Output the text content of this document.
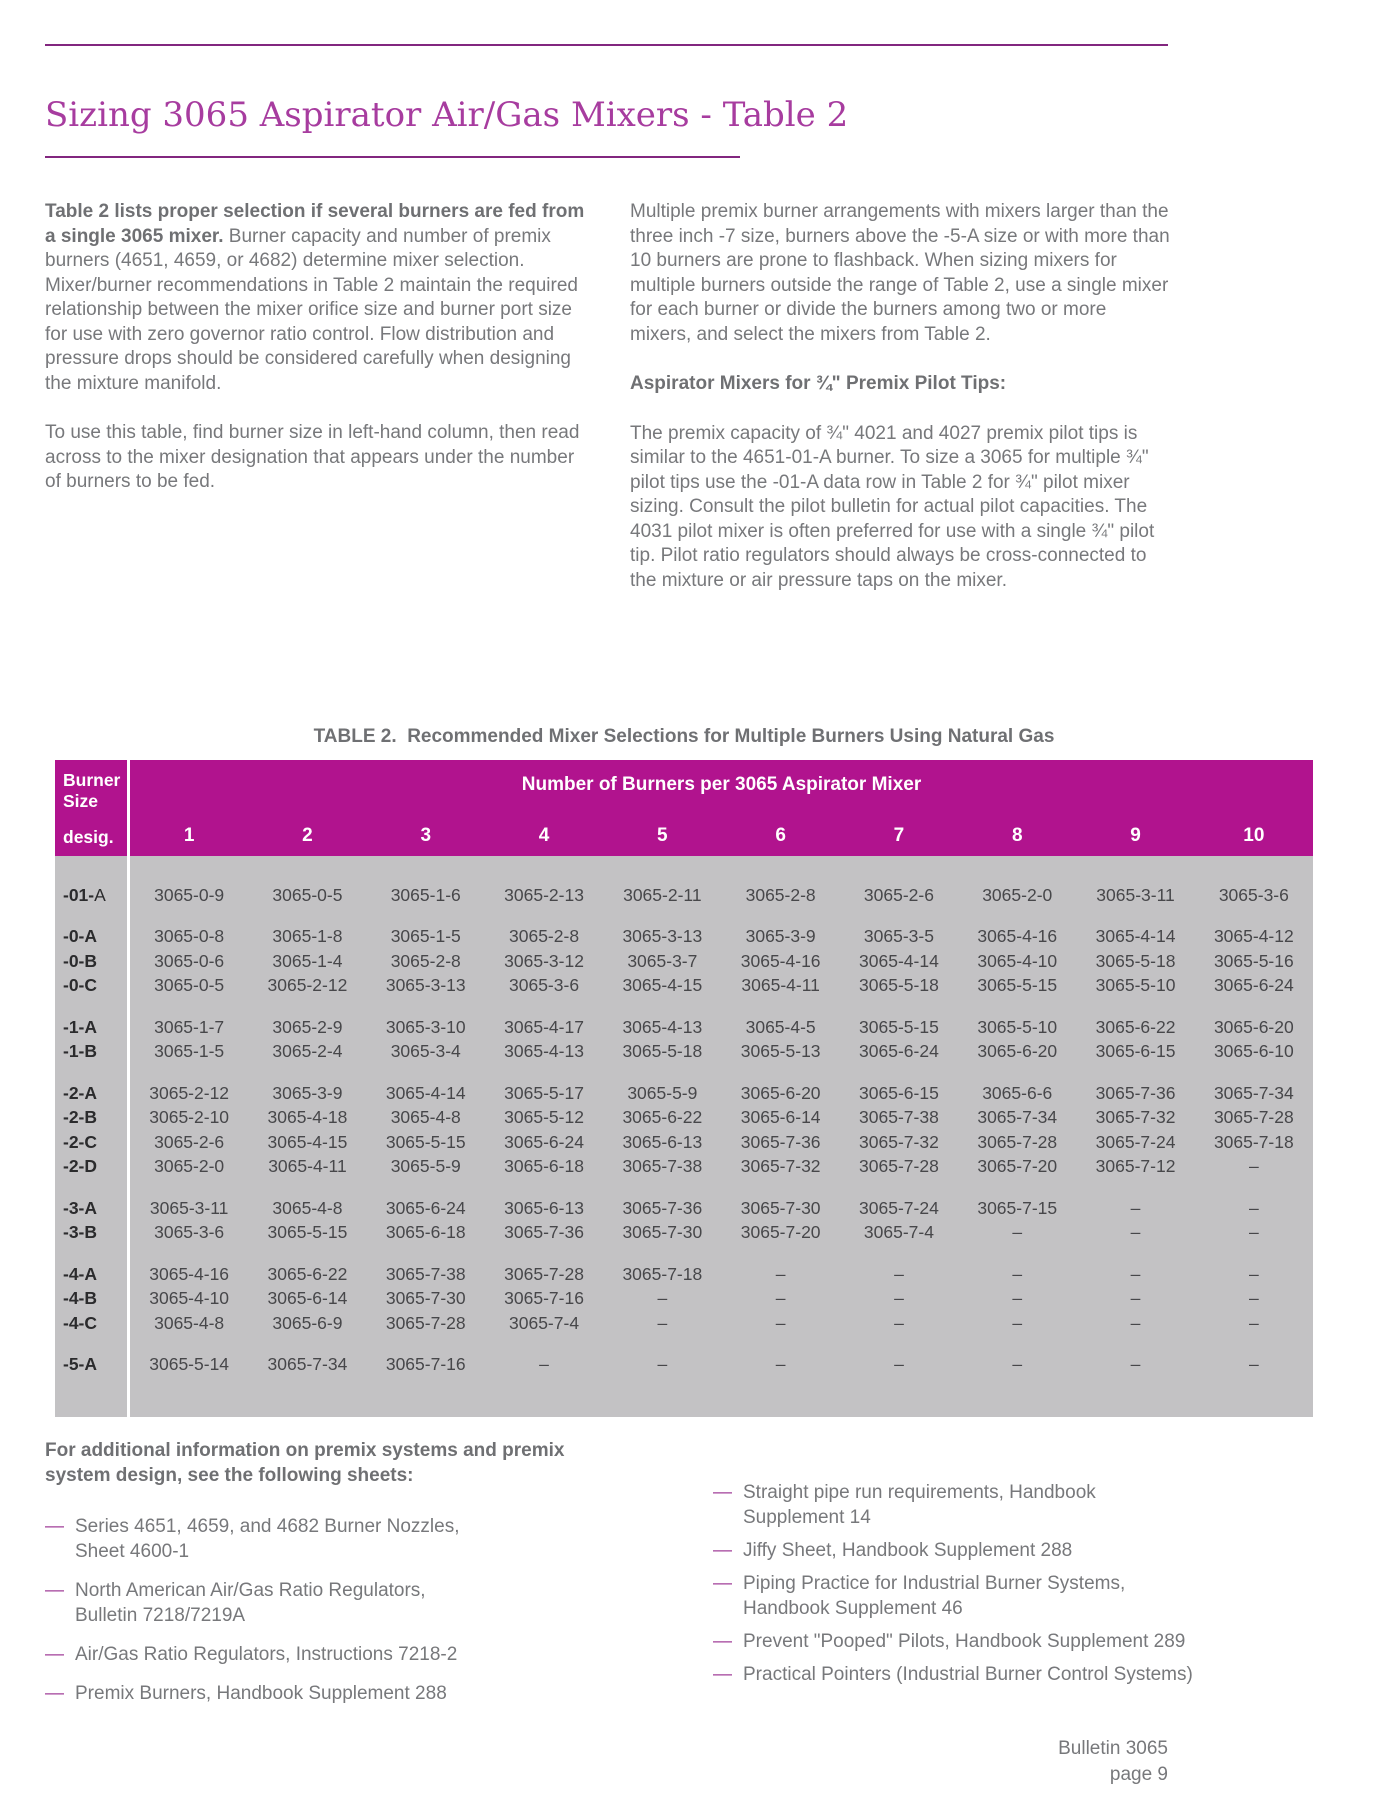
Sizing 3065 Aspirator Air/Gas Mixers - Table 2

Table 2 lists proper selection if several burners are fed from a single 3065 mixer. Burner capacity and number of premix burners (4651, 4659, or 4682) determine mixer selection. Mixer/burner recommendations in Table 2 maintain the required relationship between the mixer orifice size and burner port size for use with zero governor ratio control. Flow distribution and pressure drops should be considered carefully when designing the mixture manifold.

To use this table, find burner size in left-hand column, then read across to the mixer designation that appears under the number of burners to be fed.

Multiple premix burner arrangements with mixers larger than the three inch -7 size, burners above the -5-A size or with more than 10 burners are prone to flashback. When sizing mixers for multiple burners outside the range of Table 2, use a single mixer for each burner or divide the burners among two or more mixers, and select the mixers from Table 2.

Aspirator Mixers for ¾" Premix Pilot Tips:

The premix capacity of ¾" 4021 and 4027 premix pilot tips is similar to the 4651-01-A burner. To size a 3065 for multiple ¾" pilot tips use the -01-A data row in Table 2 for ¾" pilot mixer sizing. Consult the pilot bulletin for actual pilot capacities. The 4031 pilot mixer is often preferred for use with a single ¾" pilot tip. Pilot ratio regulators should always be cross-connected to the mixture or air pressure taps on the mixer.

TABLE 2. Recommended Mixer Selections for Multiple Burners Using Natural Gas
Burner
Size
desig.
Number of Burners per 3065 Aspirator Mixer
1	2	3	4	5	6	7	8	9	10
-01-A	3065-0-9	3065-0-5	3065-1-6	3065-2-13	3065-2-11	3065-2-8	3065-2-6	3065-2-0	3065-3-11	3065-3-6
-0-A	3065-0-8	3065-1-8	3065-1-5	3065-2-8	3065-3-13	3065-3-9	3065-3-5	3065-4-16	3065-4-14	3065-4-12
-0-B	3065-0-6	3065-1-4	3065-2-8	3065-3-12	3065-3-7	3065-4-16	3065-4-14	3065-4-10	3065-5-18	3065-5-16
-0-C	3065-0-5	3065-2-12	3065-3-13	3065-3-6	3065-4-15	3065-4-11	3065-5-18	3065-5-15	3065-5-10	3065-6-24
-1-A	3065-1-7	3065-2-9	3065-3-10	3065-4-17	3065-4-13	3065-4-5	3065-5-15	3065-5-10	3065-6-22	3065-6-20
-1-B	3065-1-5	3065-2-4	3065-3-4	3065-4-13	3065-5-18	3065-5-13	3065-6-24	3065-6-20	3065-6-15	3065-6-10
-2-A	3065-2-12	3065-3-9	3065-4-14	3065-5-17	3065-5-9	3065-6-20	3065-6-15	3065-6-6	3065-7-36	3065-7-34
-2-B	3065-2-10	3065-4-18	3065-4-8	3065-5-12	3065-6-22	3065-6-14	3065-7-38	3065-7-34	3065-7-32	3065-7-28
-2-C	3065-2-6	3065-4-15	3065-5-15	3065-6-24	3065-6-13	3065-7-36	3065-7-32	3065-7-28	3065-7-24	3065-7-18
-2-D	3065-2-0	3065-4-11	3065-5-9	3065-6-18	3065-7-38	3065-7-32	3065-7-28	3065-7-20	3065-7-12	–
-3-A	3065-3-11	3065-4-8	3065-6-24	3065-6-13	3065-7-36	3065-7-30	3065-7-24	3065-7-15	–	–
-3-B	3065-3-6	3065-5-15	3065-6-18	3065-7-36	3065-7-30	3065-7-20	3065-7-4	–	–	–
-4-A	3065-4-16	3065-6-22	3065-7-38	3065-7-28	3065-7-18	–	–	–	–	–
-4-B	3065-4-10	3065-6-14	3065-7-30	3065-7-16	–	–	–	–	–	–
-4-C	3065-4-8	3065-6-9	3065-7-28	3065-7-4	–	–	–	–	–	–
-5-A	3065-5-14	3065-7-34	3065-7-16	–	–	–	–	–	–	–

For additional information on premix systems and premix system design, see the following sheets:

— Series 4651, 4659, and 4682 Burner Nozzles,
Sheet 4600-1
— North American Air/Gas Ratio Regulators,
Bulletin 7218/7219A
— Air/Gas Ratio Regulators, Instructions 7218-2
— Premix Burners, Handbook Supplement 288
— Straight pipe run requirements, Handbook Supplement 14
— Jiffy Sheet, Handbook Supplement 288
— Piping Practice for Industrial Burner Systems,
Handbook Supplement 46
— Prevent "Pooped" Pilots, Handbook Supplement 289
— Practical Pointers (Industrial Burner Control Systems)
Bulletin 3065
page 9
